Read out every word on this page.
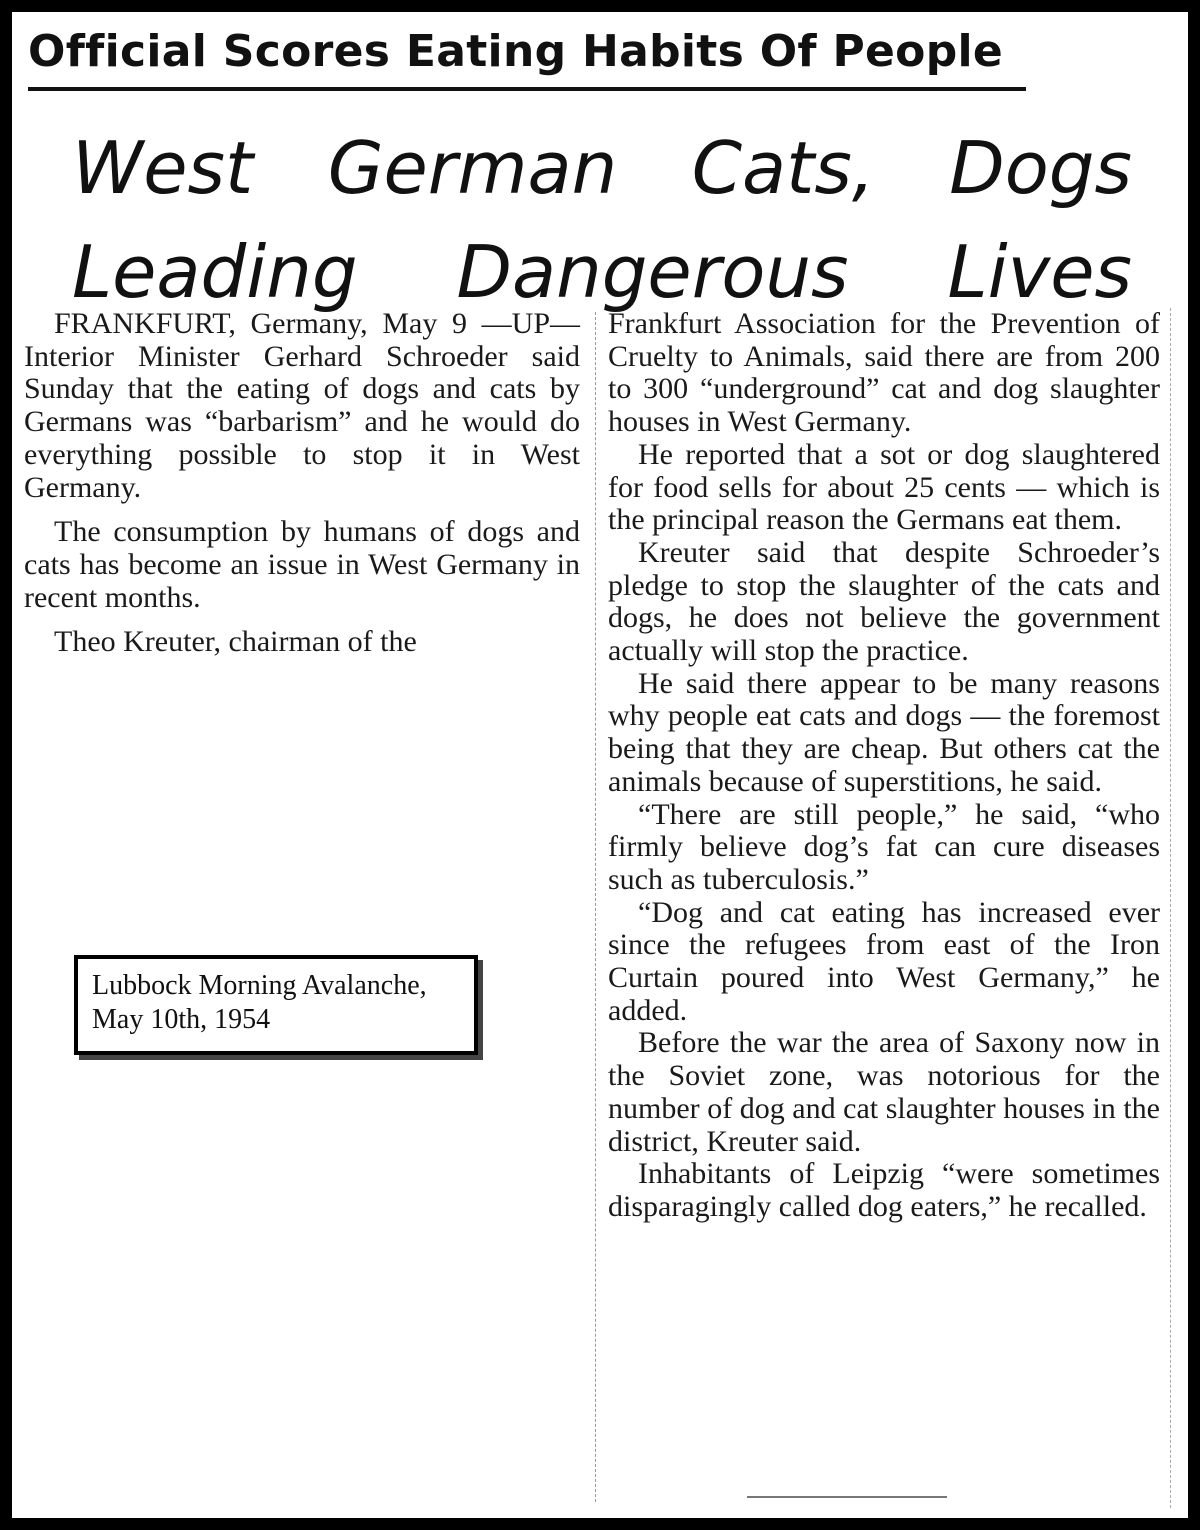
Official Scores Eating Habits Of People
West German Cats, Dogs
Leading Dangerous Lives

FRANKFURT, Germany, May 9 —UP—Interior Minister Gerhard Schroeder said Sunday that the eating of dogs and cats by Germans was “barbarism” and he would do everything possible to stop it in West Germany.

The consumption by humans of dogs and cats has become an issue in West Germany in recent months.

Theo Kreuter, chairman of the

Frankfurt Association for the Prevention of Cruelty to Animals, said there are from 200 to 300 “underground” cat and dog slaughter houses in West Germany.

He reported that a sot or dog slaughtered for food sells for about 25 cents — which is the principal reason the Germans eat them.

Kreuter said that despite Schroeder’s pledge to stop the slaughter of the cats and dogs, he does not believe the government actually will stop the practice.

He said there appear to be many reasons why people eat cats and dogs — the foremost being that they are cheap. But others cat the animals because of superstitions, he said.

“There are still people,” he said, “who firmly believe dog’s fat can cure diseases such as tuberculosis.”

“Dog and cat eating has increased ever since the refugees from east of the Iron Curtain poured into West Germany,” he added.

Before the war the area of Saxony now in the Soviet zone, was notorious for the number of dog and cat slaughter houses in the district, Kreuter said.

Inhabitants of Leipzig “were sometimes disparagingly called dog eaters,” he recalled.

Lubbock Morning Avalanche,
May 10th, 1954
